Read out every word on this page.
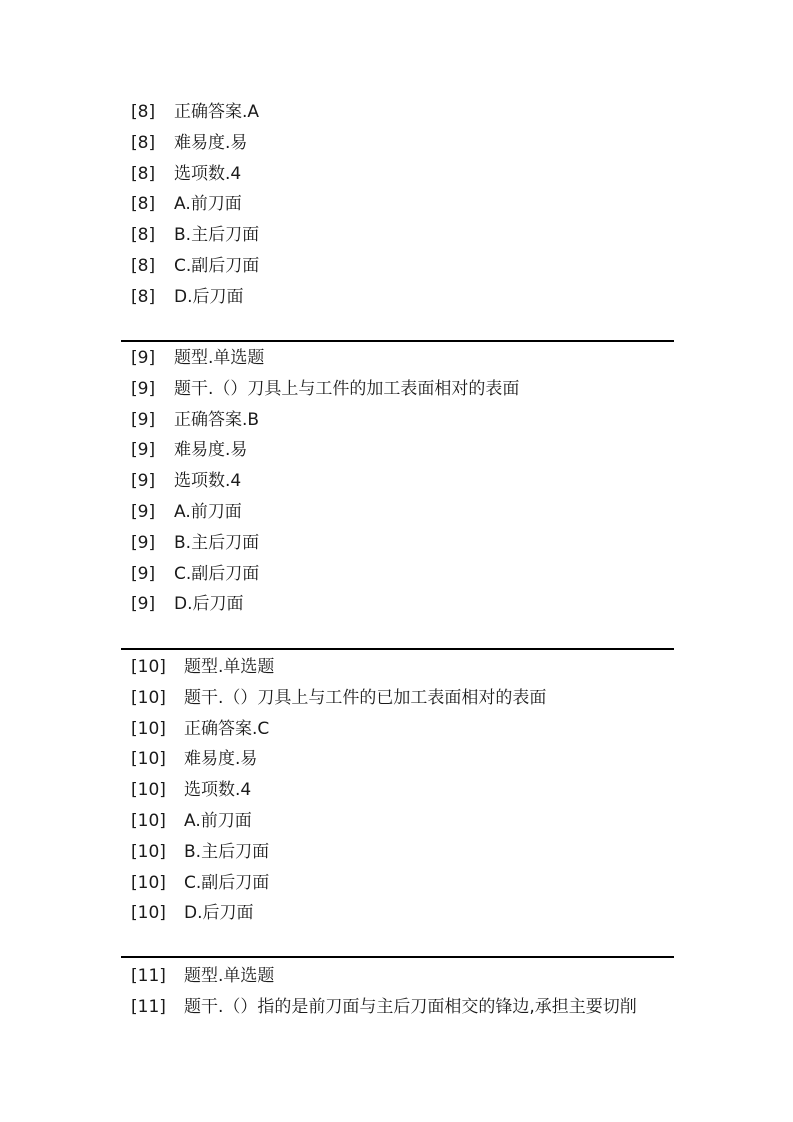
[8]	正确答案.A
[8]	难易度.易
[8]	选项数.4
[8]	A.前刀面
[8]	B.主后刀面
[8]	C.副后刀面
[8]	D.后刀面
[9]	题型.单选题
[9]	题干.（）刀具上与工件的加工表面相对的表面
[9]	正确答案.B
[9]	难易度.易
[9]	选项数.4
[9]	A.前刀面
[9]	B.主后刀面
[9]	C.副后刀面
[9]	D.后刀面
[10]	题型.单选题
[10]	题干.（）刀具上与工件的已加工表面相对的表面
[10]	正确答案.C
[10]	难易度.易
[10]	选项数.4
[10]	A.前刀面
[10]	B.主后刀面
[10]	C.副后刀面
[10]	D.后刀面
[11]	题型.单选题
[11]	题干.（）指的是前刀面与主后刀面相交的锋边,承担主要切削
